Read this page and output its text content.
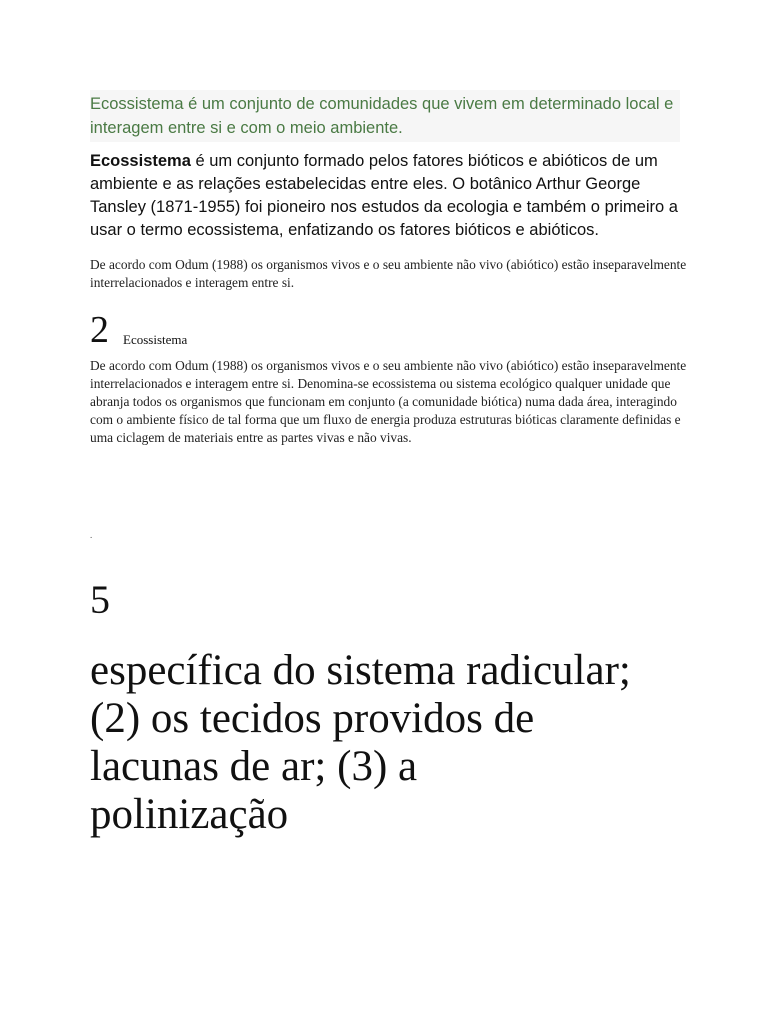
Ecossistema é um conjunto de comunidades que vivem em determinado local e interagem entre si e com o meio ambiente.

Ecossistema é um conjunto formado pelos fatores bióticos e abióticos de um ambiente e as relações estabelecidas entre eles. O botânico Arthur George Tansley (1871-1955) foi pioneiro nos estudos da ecologia e também o primeiro a usar o termo ecossistema, enfatizando os fatores bióticos e abióticos.

De acordo com Odum (1988) os organismos vivos e o seu ambiente não vivo (abiótico) estão inseparavelmente interrelacionados e interagem entre si.

2 Ecossistema

De acordo com Odum (1988) os organismos vivos e o seu ambiente não vivo (abiótico) estão inseparavelmente interrelacionados e interagem entre si. Denomina-se ecossistema ou sistema ecológico qualquer unidade que abranja todos os organismos que funcionam em conjunto (a comunidade biótica) numa dada área, interagindo com o ambiente físico de tal forma que um fluxo de energia produza estruturas bióticas claramente definidas e uma ciclagem de materiais entre as partes vivas e não vivas.

.
5

específica do sistema radicular;
(2) os tecidos providos de
lacunas de ar; (3) a
polinização
